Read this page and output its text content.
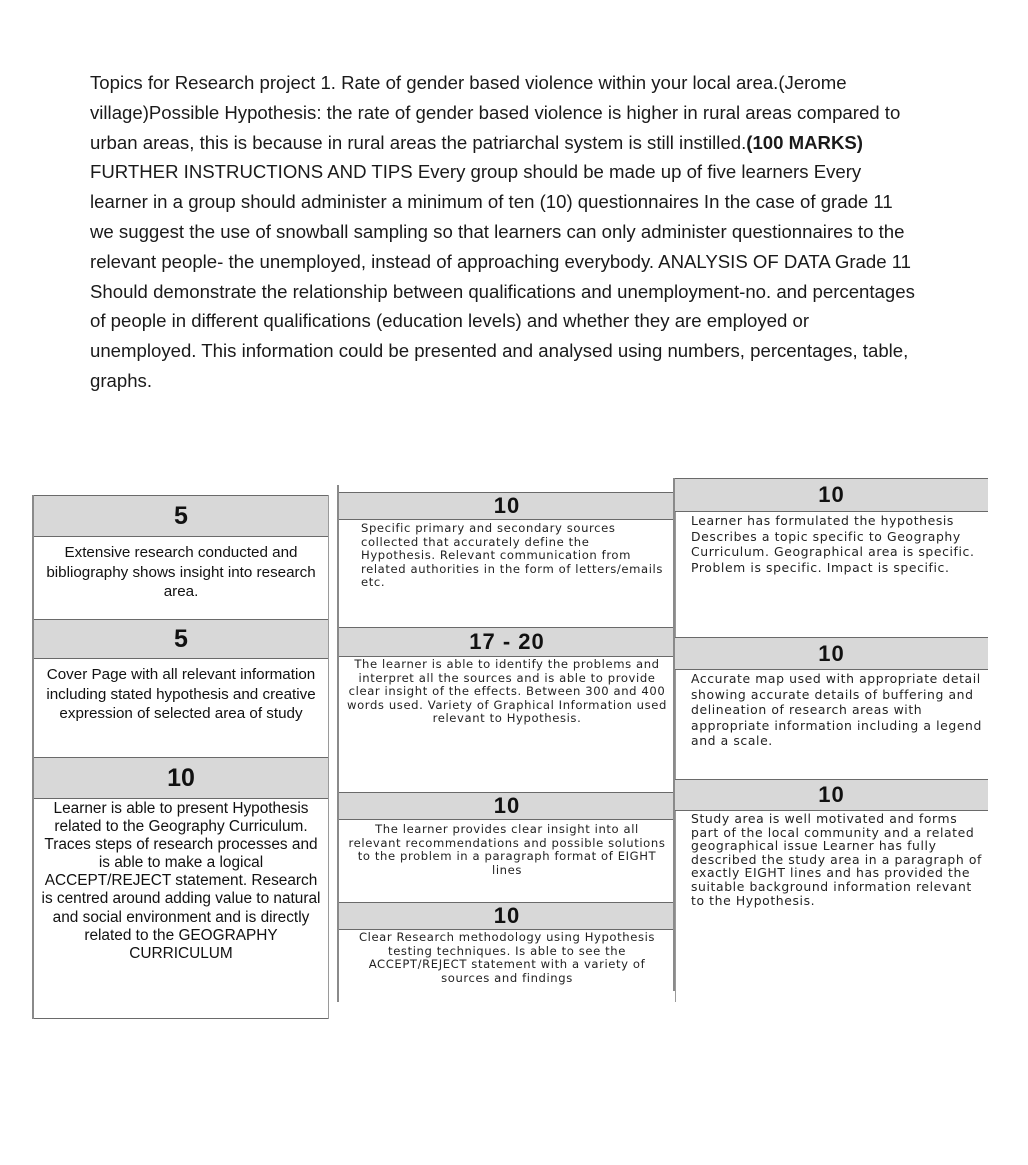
Topics for Research project 1. Rate of gender based violence within your local area.(Jerome village)Possible Hypothesis: the rate of gender based violence is higher in rural areas compared to urban areas, this is because in rural areas the patriarchal system is still instilled.(100 MARKS) FURTHER INSTRUCTIONS AND TIPS Every group should be made up of five learners Every learner in a group should administer a minimum of ten (10) questionnaires In the case of grade 11 we suggest the use of snowball sampling so that learners can only administer questionnaires to the relevant people- the unemployed, instead of approaching everybody. ANALYSIS OF DATA Grade 11 Should demonstrate the relationship between qualifications and unemployment-no. and percentages of people in different qualifications (education levels) and whether they are employed or unemployed. This information could be presented and analysed using numbers, percentages, table, graphs.
5
Extensive research conducted and bibliography shows insight into research area.
5
Cover Page with all relevant information including stated hypothesis and creative expression of selected area of study
10
Learner is able to present Hypothesis related to the Geography Curriculum. Traces steps of research processes and is able to make a logical ACCEPT/REJECT statement. Research is centred around adding value to natural and social environment and is directly related to the GEOGRAPHY CURRICULUM
10
Specific primary and secondary sources collected that accurately define the Hypothesis. Relevant communication from related authorities in the form of letters/emails etc.
17 - 20
The learner is able to identify the problems and interpret all the sources and is able to provide clear insight of the effects. Between 300 and 400 words used. Variety of Graphical Information used relevant to Hypothesis.
10
The learner provides clear insight into all relevant recommendations and possible solutions to the problem in a paragraph format of EIGHT lines
10
Clear Research methodology using Hypothesis testing techniques. Is able to see the ACCEPT/REJECT statement with a variety of sources and findings
10
Learner has formulated the hypothesis Describes a topic specific to Geography Curriculum. Geographical area is specific. Problem is specific. Impact is specific.
10
Accurate map used with appropriate detail showing accurate details of buffering and delineation of research areas with appropriate information including a legend and a scale.
10
Study area is well motivated and forms part of the local community and a related geographical issue Learner has fully described the study area in a paragraph of exactly EIGHT lines and has provided the suitable background information relevant to the Hypothesis.
